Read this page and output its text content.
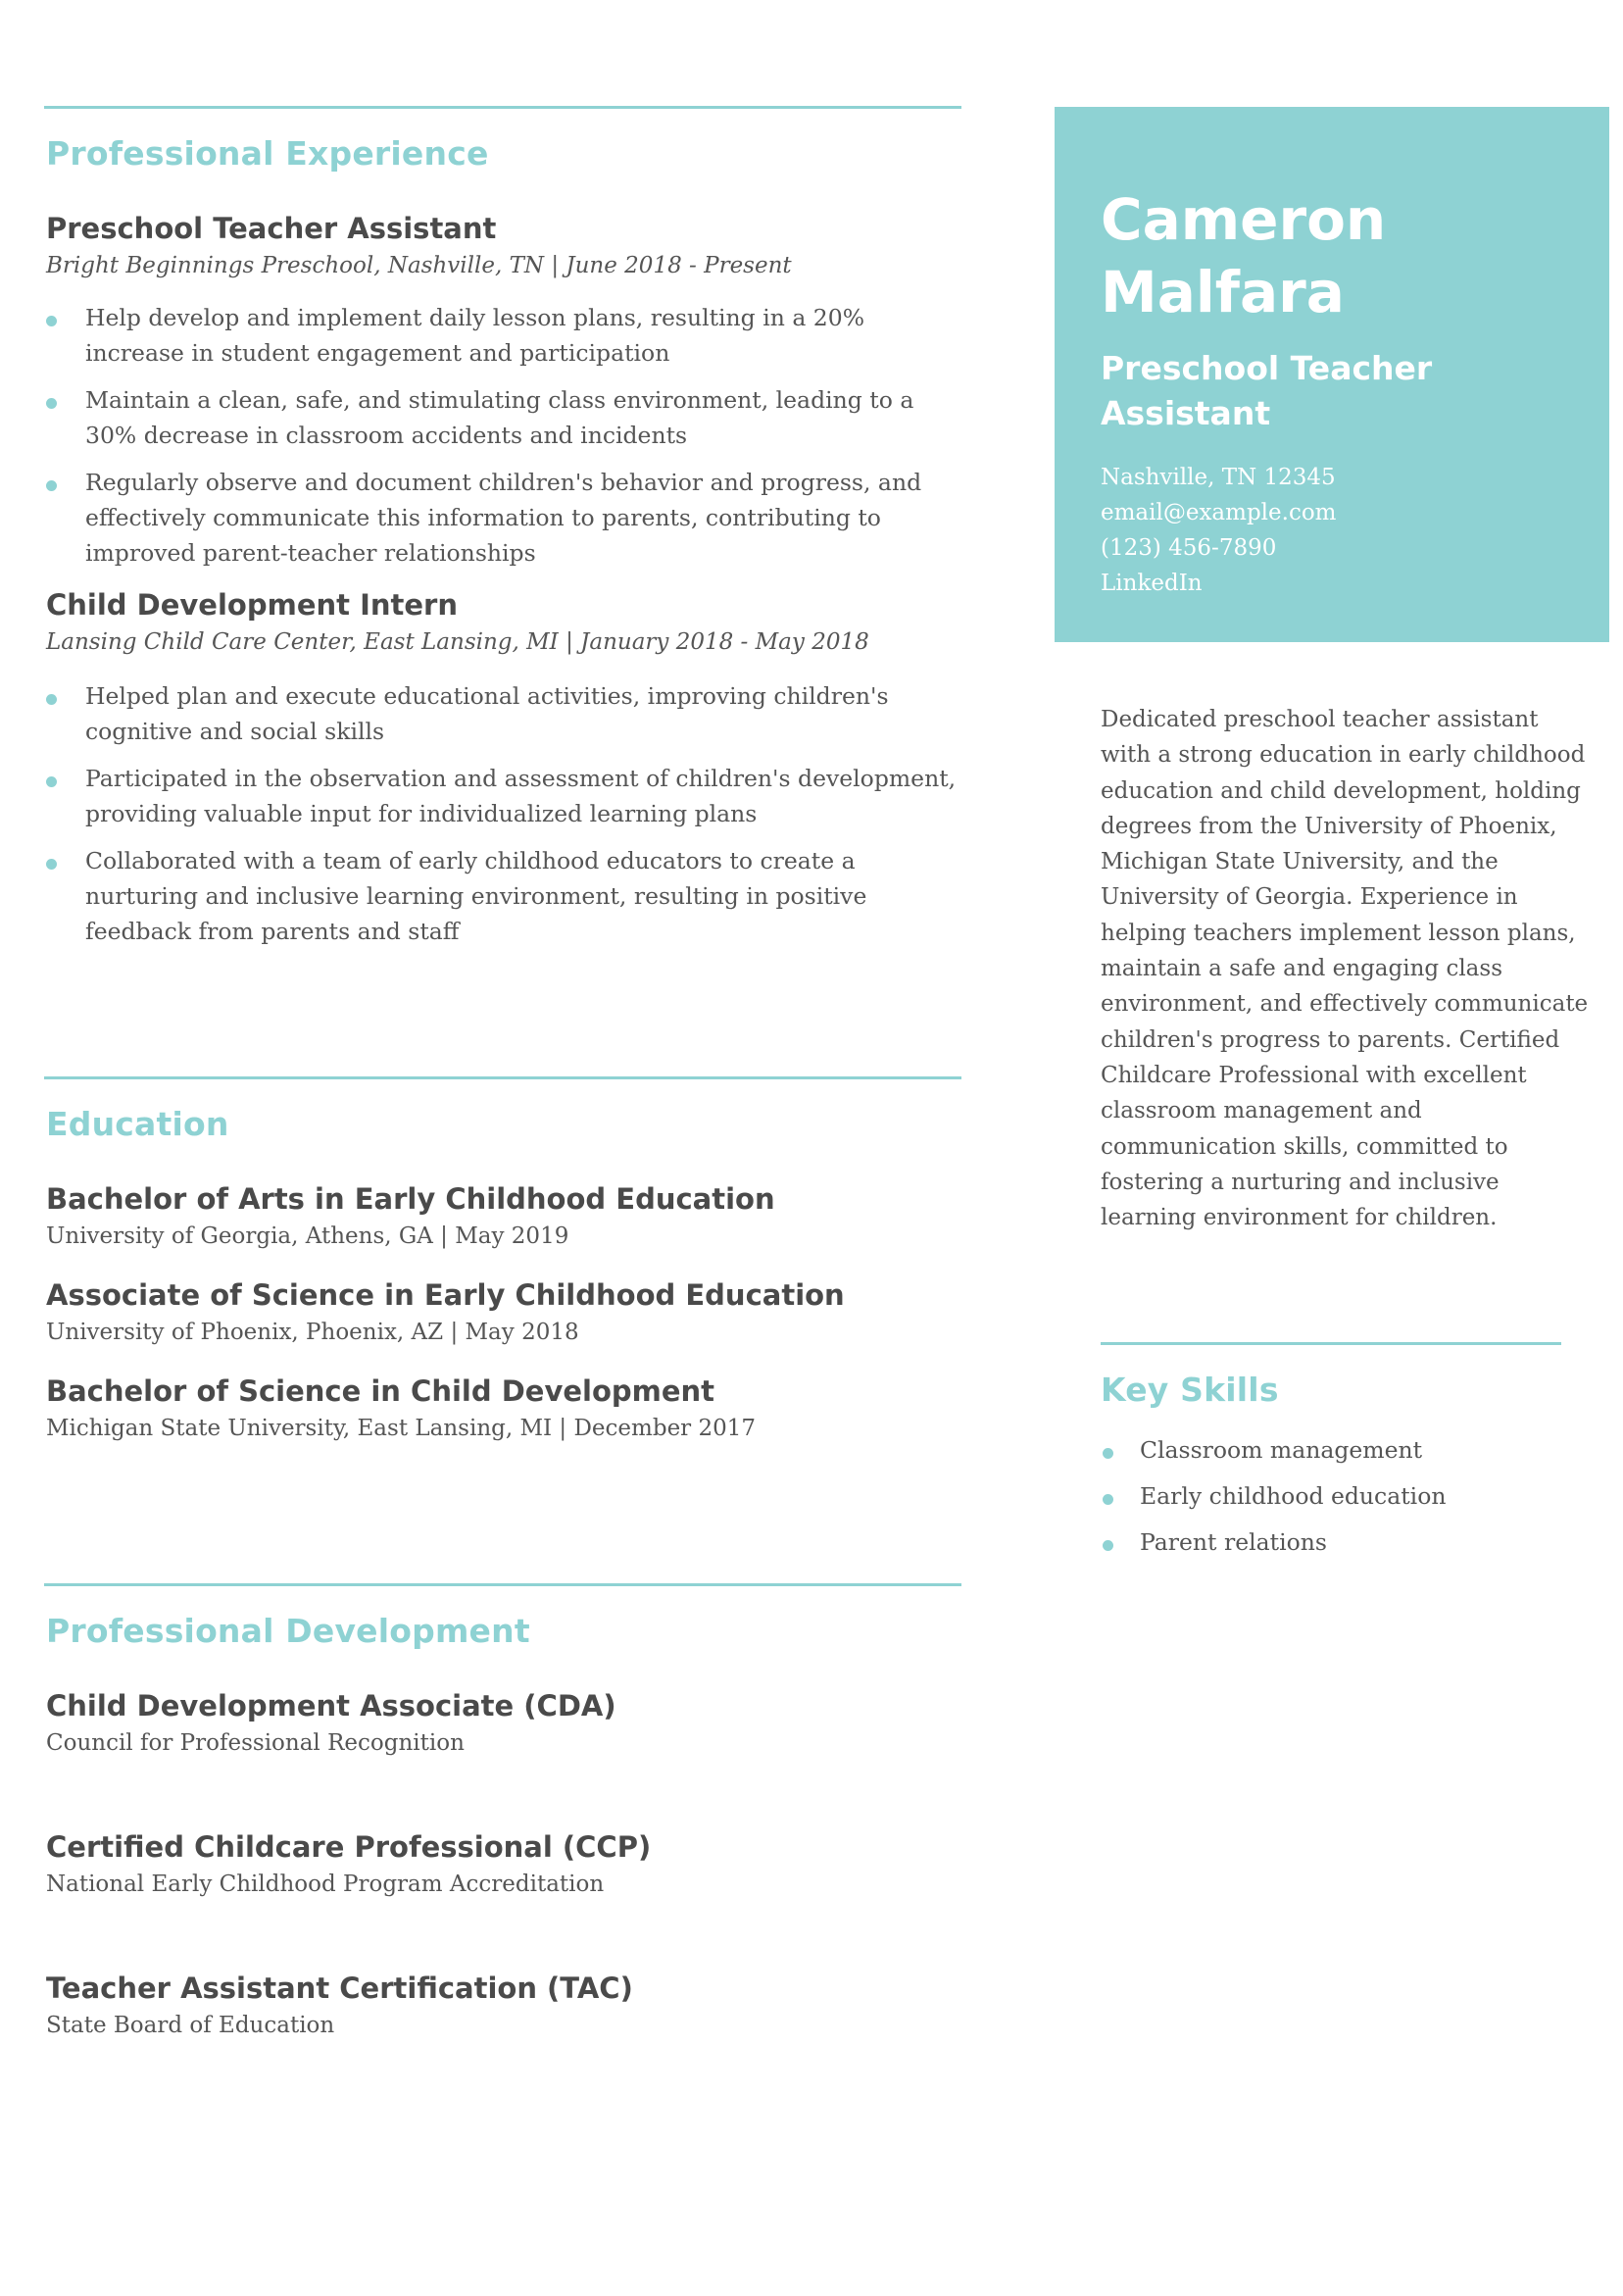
Professional Experience
Preschool Teacher Assistant
Bright Beginnings Preschool, Nashville, TN | June 2018 - Present
Help develop and implement daily lesson plans, resulting in a 20% increase in student engagement and participation
Maintain a clean, safe, and stimulating class environment, leading to a 30% decrease in classroom accidents and incidents
Regularly observe and document children's behavior and progress, and effectively communicate this information to parents, contributing to improved parent-teacher relationships
Child Development Intern
Lansing Child Care Center, East Lansing, MI | January 2018 - May 2018
Helped plan and execute educational activities, improving children's cognitive and social skills
Participated in the observation and assessment of children's development, providing valuable input for individualized learning plans
Collaborated with a team of early childhood educators to create a nurturing and inclusive learning environment, resulting in positive feedback from parents and staff
Education
Bachelor of Arts in Early Childhood Education
University of Georgia, Athens, GA | May 2019
Associate of Science in Early Childhood Education
University of Phoenix, Phoenix, AZ | May 2018
Bachelor of Science in Child Development
Michigan State University, East Lansing, MI | December 2017
Professional Development
Child Development Associate (CDA)
Council for Professional Recognition
Certified Childcare Professional (CCP)
National Early Childhood Program Accreditation
Teacher Assistant Certification (TAC)
State Board of Education
Cameron
Malfara
Preschool Teacher Assistant
Nashville, TN 12345
email@example.com
(123) 456-7890
LinkedIn
Dedicated preschool teacher assistant with a strong education in early childhood education and child development, holding degrees from the University of Phoenix, Michigan State University, and the University of Georgia. Experience in helping teachers implement lesson plans, maintain a safe and engaging class environment, and effectively communicate children's progress to parents. Certified Childcare Professional with excellent classroom management and communication skills, committed to fostering a nurturing and inclusive learning environment for children.
Key Skills
Classroom management
Early childhood education
Parent relations
